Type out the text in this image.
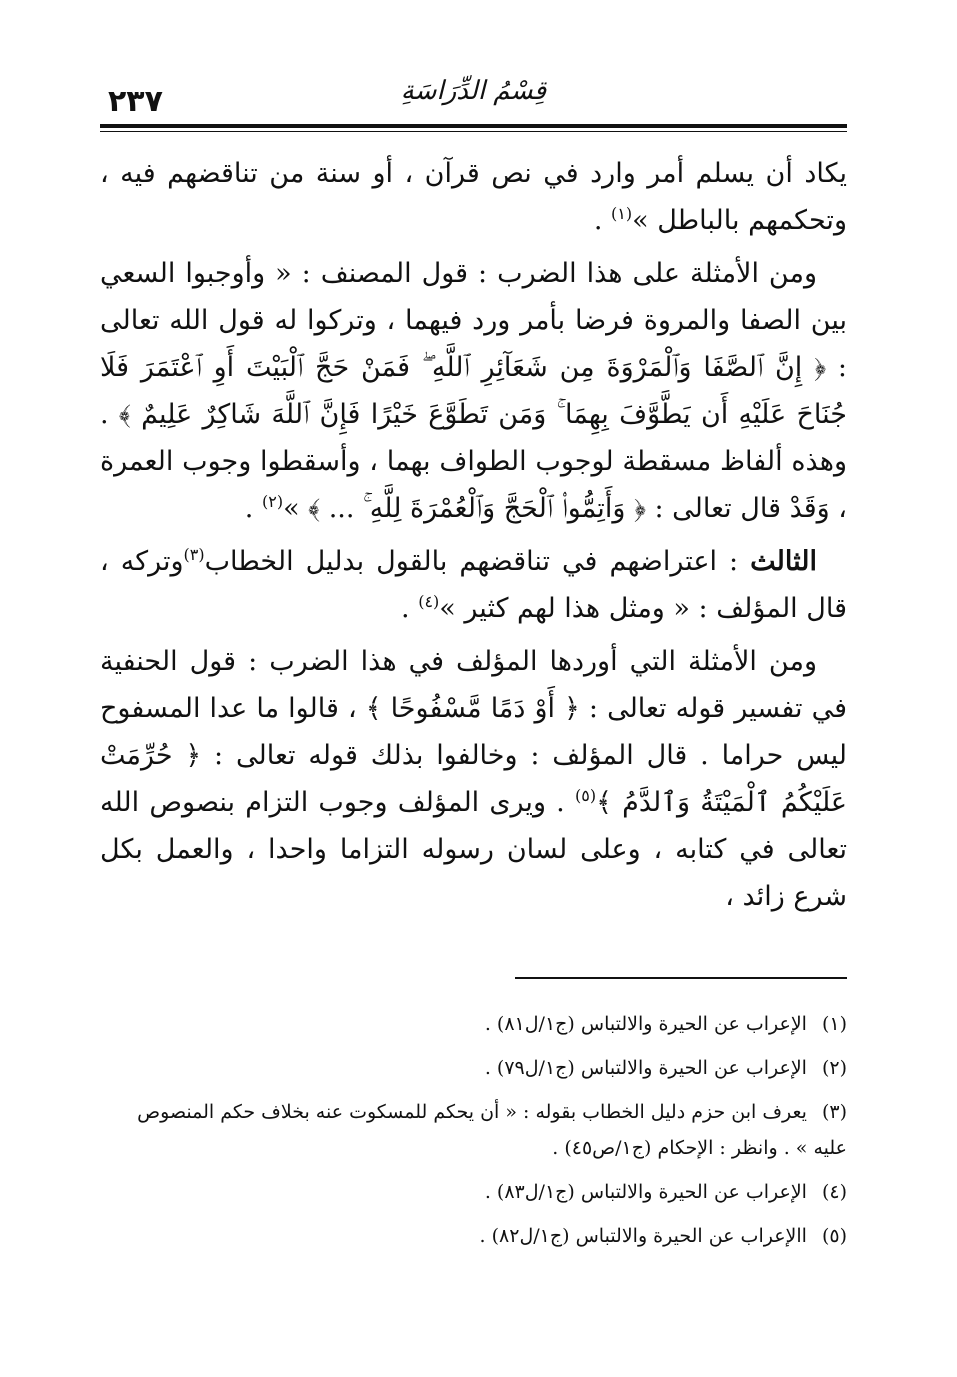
٢٣٧	قِسْمُ الدِّرَاسَةِ

يكاد أن يسلم أمر وارد في نص قرآن ، أو سنة من تناقضهم فيه ، وتحكمهم بالباطل »$^{(١)}$ .

ومن الأمثلة على هذا الضرب : قول المصنف : « وأوجبوا السعي بين الصفا والمروة فرضا بأمر ورد فيهما ، وتركوا له قول الله تعالى : ﴿ إِنَّ ٱلصَّفَا وَٱلْمَرْوَةَ مِن شَعَآئِرِ ٱللَّهِ ۖ فَمَنْ حَجَّ ٱلْبَيْتَ أَوِ ٱعْتَمَرَ فَلَا جُنَاحَ عَلَيْهِ أَن يَطَّوَّفَ بِهِمَا ۚ وَمَن تَطَوَّعَ خَيْرًا فَإِنَّ ٱللَّهَ شَاكِرٌ عَلِيمٌ ﴾ . وهذه ألفاظ مسقطة لوجوب الطواف بهما ، وأسقطوا وجوب العمرة ، وَقَدْ قال تعالى : ﴿ وَأَتِمُّوا۟ ٱلْحَجَّ وَٱلْعُمْرَةَ لِلَّهِ ۚ ... ﴾ »$^{(٢)}$ .

الثالث : اعتراضهم في تناقضهم بالقول بدليل الخطاب$^{(٣)}$وتركه ، قال المؤلف : « ومثل هذا لهم كثير »$^{(٤)}$ .

ومن الأمثلة التي أوردها المؤلف في هذا الضرب : قول الحنفية في تفسير قوله تعالى : ﴿ أَوْ دَمًا مَّسْفُوحًا ﴾ ، قالوا ما عدا المسفوح ليس حراما . قال المؤلف : وخالفوا بذلك قوله تعالى : ﴿ حُرِّمَتْ عَلَيْكُمُ ٱلْمَيْتَةُ وَٱلدَّمُ ﴾$^{(٥)}$ . ويرى المؤلف وجوب التزام بنصوص الله تعالى في كتابه ، وعلى لسان رسوله التزاما واحدا ، والعمل بكل شرع زائد ،

(١) الإعراب عن الحيرة والالتباس (ج١/ل٨١) .
(٢) الإعراب عن الحيرة والالتباس (ج١/ل٧٩) .
(٣) يعرف ابن حزم دليل الخطاب بقوله : « أن يحكم للمسكوت عنه بخلاف حكم المنصوص عليه » . وانظر : الإحكام (ج١/ص٤٥) .
(٤) الإعراب عن الحيرة والالتباس (ج١/ل٨٣) .
(٥) االإعراب عن الحيرة والالتباس (ج١/ل٨٢) .
